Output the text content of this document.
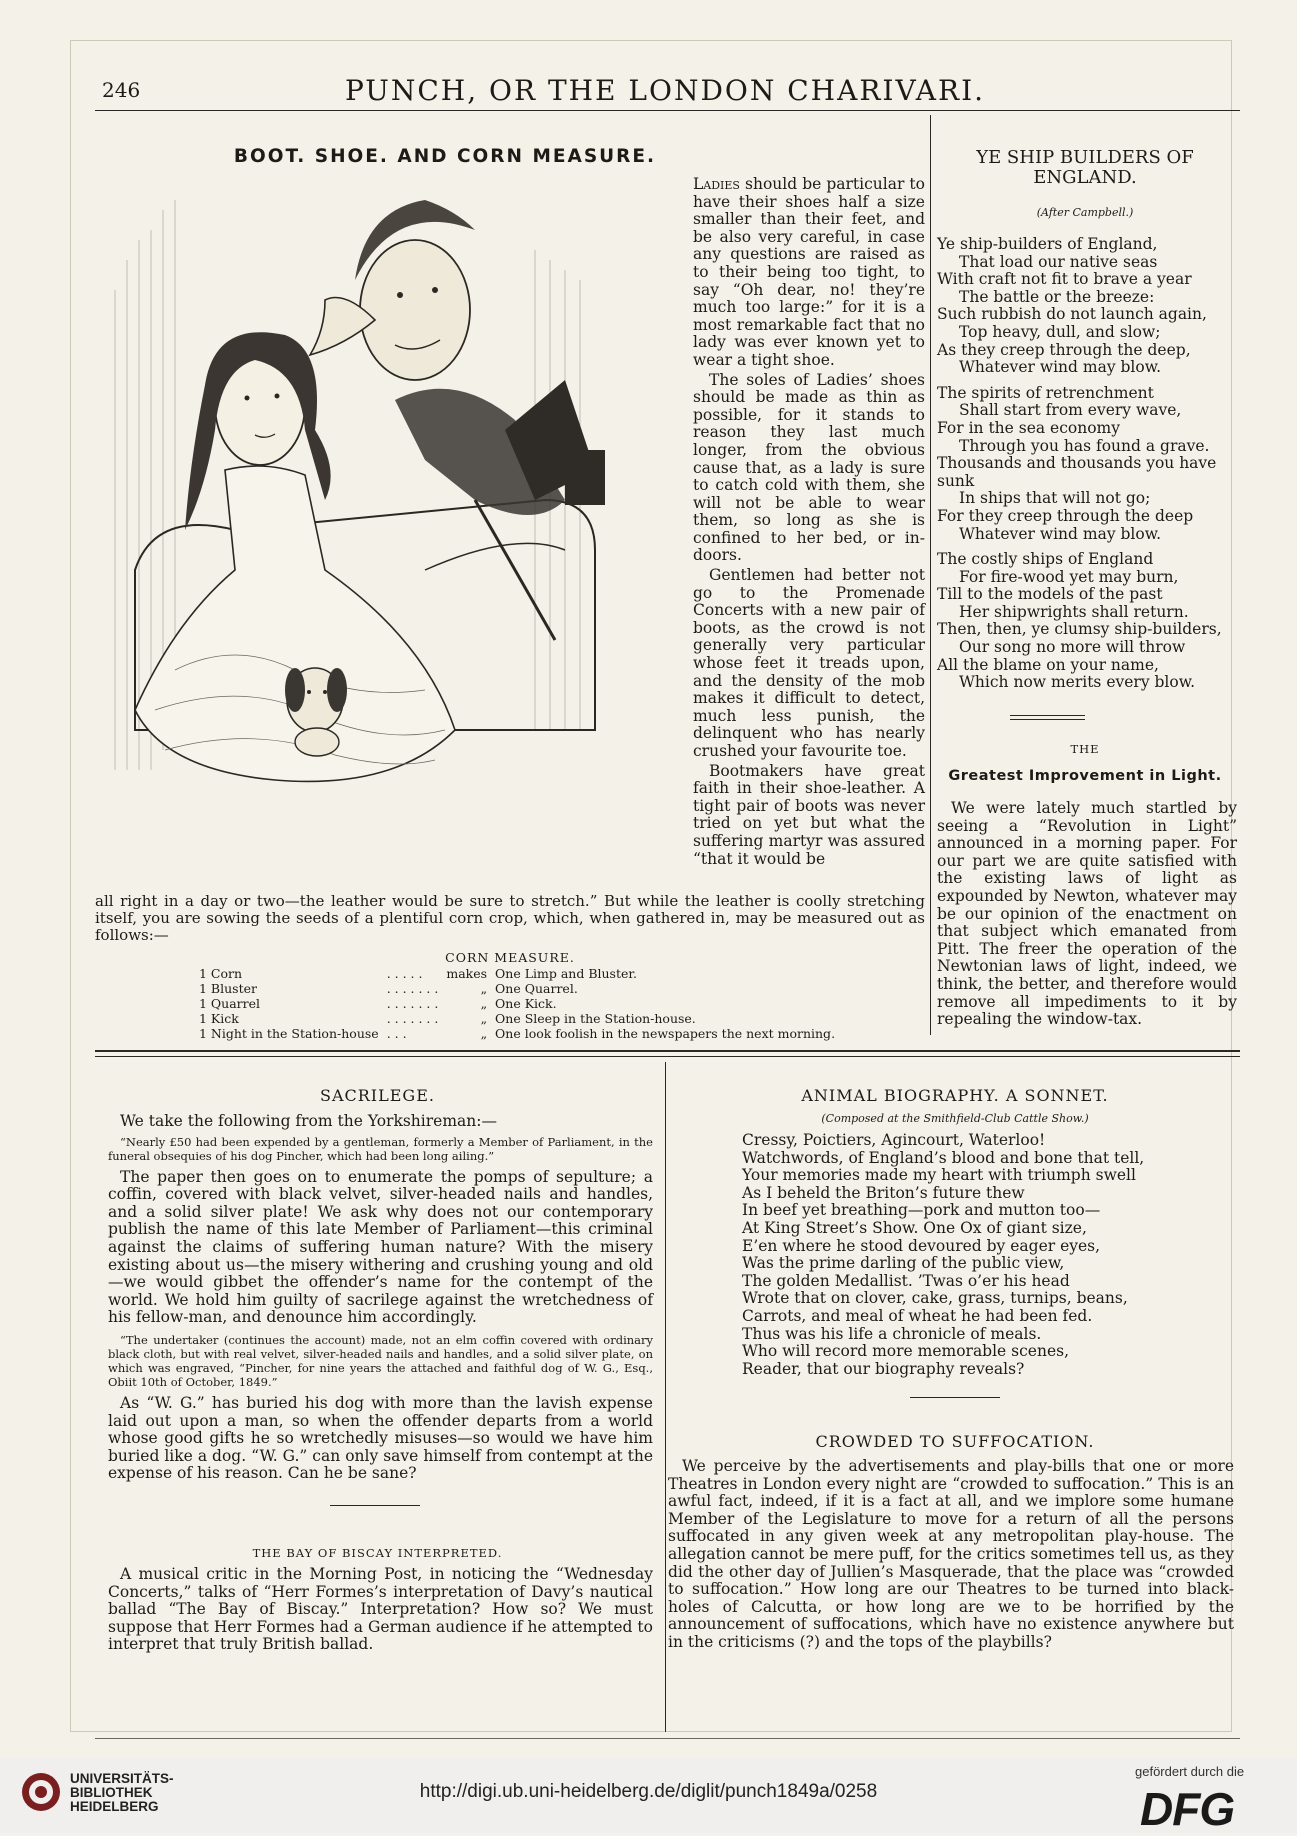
246	PUNCH, OR THE LONDON CHARIVARI.
BOOT. SHOE. AND CORN MEASURE.

Ladies should be particular to have their shoes half a size smaller than their feet, and be also very careful, in case any questions are raised as to their being too tight, to say “Oh dear, no! they’re much too large:” for it is a most remarkable fact that no lady was ever known yet to wear a tight shoe.

The soles of Ladies’ shoes should be made as thin as possible, for it stands to reason they last much longer, from the obvious cause that, as a lady is sure to catch cold with them, she will not be able to wear them, so long as she is confined to her bed, or in-doors.

Gentlemen had better not go to the Promenade Concerts with a new pair of boots, as the crowd is not generally very particular whose feet it treads upon, and the density of the mob makes it difficult to detect, much less punish, the delinquent who has nearly crushed your favourite toe.

Bootmakers have great faith in their shoe-leather. A tight pair of boots was never tried on yet but what the suffering martyr was assured “that it would be

all right in a day or two—the leather would be sure to stretch.” But while the leather is coolly stretching itself, you are sowing the seeds of a plentiful corn crop, which, when gathered in, may be measured out as follows:—
CORN MEASURE.
1 Corn	. . . . .	makes	One Limp and Bluster.
1 Bluster	. . . . . . .	„	One Quarrel.
1 Quarrel	. . . . . . .	„	One Kick.
1 Kick	. . . . . . .	„	One Sleep in the Station-house.
1 Night in the Station-house	. . .	„	One look foolish in the newspapers the next morning.
YE SHIP BUILDERS OF ENGLAND.
(After Campbell.)
Ye ship-builders of England,
That load our native seas
With craft not fit to brave a year
The battle or the breeze:
Such rubbish do not launch again,
Top heavy, dull, and slow;
As they creep through the deep,
Whatever wind may blow.
The spirits of retrenchment
Shall start from every wave,
For in the sea economy
Through you has found a grave.
Thousands and thousands you have sunk
In ships that will not go;
For they creep through the deep
Whatever wind may blow.
The costly ships of England
For fire-wood yet may burn,
Till to the models of the past
Her shipwrights shall return.
Then, then, ye clumsy ship-builders,
Our song no more will throw
All the blame on your name,
Which now merits every blow.
THE
Greatest Improvement in Light.
We were lately much startled by seeing a “Revolution in Light” announced in a morning paper. For our part we are quite satisfied with the existing laws of light as expounded by Newton, whatever may be our opinion of the enactment on that subject which emanated from Pitt. The freer the operation of the Newtonian laws of light, indeed, we think, the better, and therefore would remove all impediments to it by repealing the window-tax.
SACRILEGE.

We take the following from the Yorkshireman:—

“Nearly £50 had been expended by a gentleman, formerly a Member of Parliament, in the funeral obsequies of his dog Pincher, which had been long ailing.”

The paper then goes on to enumerate the pomps of sepulture; a coffin, covered with black velvet, silver-headed nails and handles, and a solid silver plate! We ask why does not our contemporary publish the name of this late Member of Parliament—this criminal against the claims of suffering human nature? With the misery existing about us—the misery withering and crushing young and old—we would gibbet the offender’s name for the contempt of the world. We hold him guilty of sacrilege against the wretchedness of his fellow-man, and denounce him accordingly.

“The undertaker (continues the account) made, not an elm coffin covered with ordinary black cloth, but with real velvet, silver-headed nails and handles, and a solid silver plate, on which was engraved, “Pincher, for nine years the attached and faithful dog of W. G., Esq., Obiit 10th of October, 1849.”

As “W. G.” has buried his dog with more than the lavish expense laid out upon a man, so when the offender departs from a world whose good gifts he so wretchedly misuses—so would we have him buried like a dog. “W. G.” can only save himself from contempt at the expense of his reason. Can he be sane?

THE BAY OF BISCAY INTERPRETED.
A musical critic in the Morning Post, in noticing the “Wednesday Concerts,” talks of “Herr Formes’s interpretation of Davy’s nautical ballad “The Bay of Biscay.” Interpretation? How so? We must suppose that Herr Formes had a German audience if he attempted to interpret that truly British ballad.
ANIMAL BIOGRAPHY. A SONNET.
(Composed at the Smithfield-Club Cattle Show.)
Cressy, Poictiers, Agincourt, Waterloo!
Watchwords, of England’s blood and bone that tell,
Your memories made my heart with triumph swell
As I beheld the Briton’s future thew
In beef yet breathing—pork and mutton too—
At King Street’s Show. One Ox of giant size,
E’en where he stood devoured by eager eyes,
Was the prime darling of the public view,
The golden Medallist. ’Twas o’er his head
Wrote that on clover, cake, grass, turnips, beans,
Carrots, and meal of wheat he had been fed.
Thus was his life a chronicle of meals.
Who will record more memorable scenes,
Reader, that our biography reveals?
CROWDED TO SUFFOCATION.
We perceive by the advertisements and play-bills that one or more Theatres in London every night are “crowded to suffocation.” This is an awful fact, indeed, if it is a fact at all, and we implore some humane Member of the Legislature to move for a return of all the persons suffocated in any given week at any metropolitan play-house. The allegation cannot be mere puff, for the critics sometimes tell us, as they did the other day of Jullien’s Masquerade, that the place was “crowded to suffocation.” How long are our Theatres to be turned into black-holes of Calcutta, or how long are we to be horrified by the announcement of suffocations, which have no existence anywhere but in the criticisms (?) and the tops of the playbills?
UNIVERSITÄTS-
BIBLIOTHEK
HEIDELBERG
http://digi.ub.uni-heidelberg.de/diglit/punch1849a/0258
gefördert durch die
DFG
